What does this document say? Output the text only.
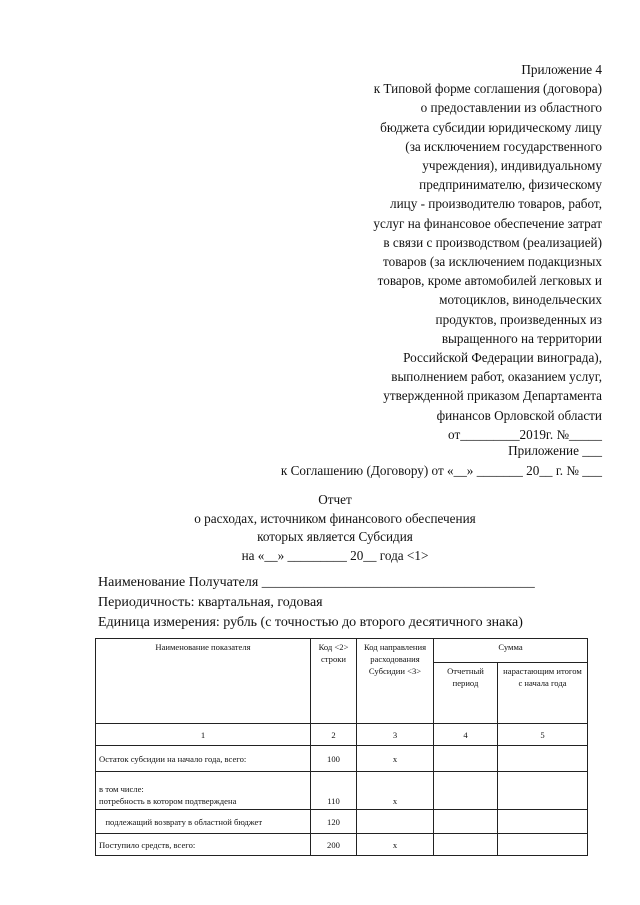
Приложение 4
к Типовой форме соглашения (договора)
о предоставлении из областного
бюджета субсидии юридическому лицу
(за исключением государственного
учреждения), индивидуальному
предпринимателю, физическому
лицу - производителю товаров, работ,
услуг на финансовое обеспечение затрат
в связи с производством (реализацией)
товаров (за исключением подакцизных
товаров, кроме автомобилей легковых и
мотоциклов, винодельческих
продуктов, произведенных из
выращенного на территории
Российской Федерации винограда),
выполнением работ, оказанием услуг,
утвержденной приказом Департамента
финансов Орловской области
от_________2019г. №_____
Приложение ___
к Соглашению (Договору) от «__» _______ 20__ г. № ___
Отчет
о расходах, источником финансового обеспечения
которых является Субсидия
на «__» _________ 20__ года <1>
Наименование Получателя _______________________________________
Периодичность: квартальная, годовая
Единица измерения: рубль (с точностью до второго десятичного знака)
Наименование показателя	Код <2> строки	Код направления расходования Субсидии <3>	Сумма	
			Отчетный период	нарастающим итогом с начала года
1	2	3	4	5
Остаток субсидии на начало года, всего:	100	х		
в том числе:
потребность в котором подтверждена	110	х		
подлежащий возврату в областной бюджет	120			
Поступило средств, всего:	200	х		
